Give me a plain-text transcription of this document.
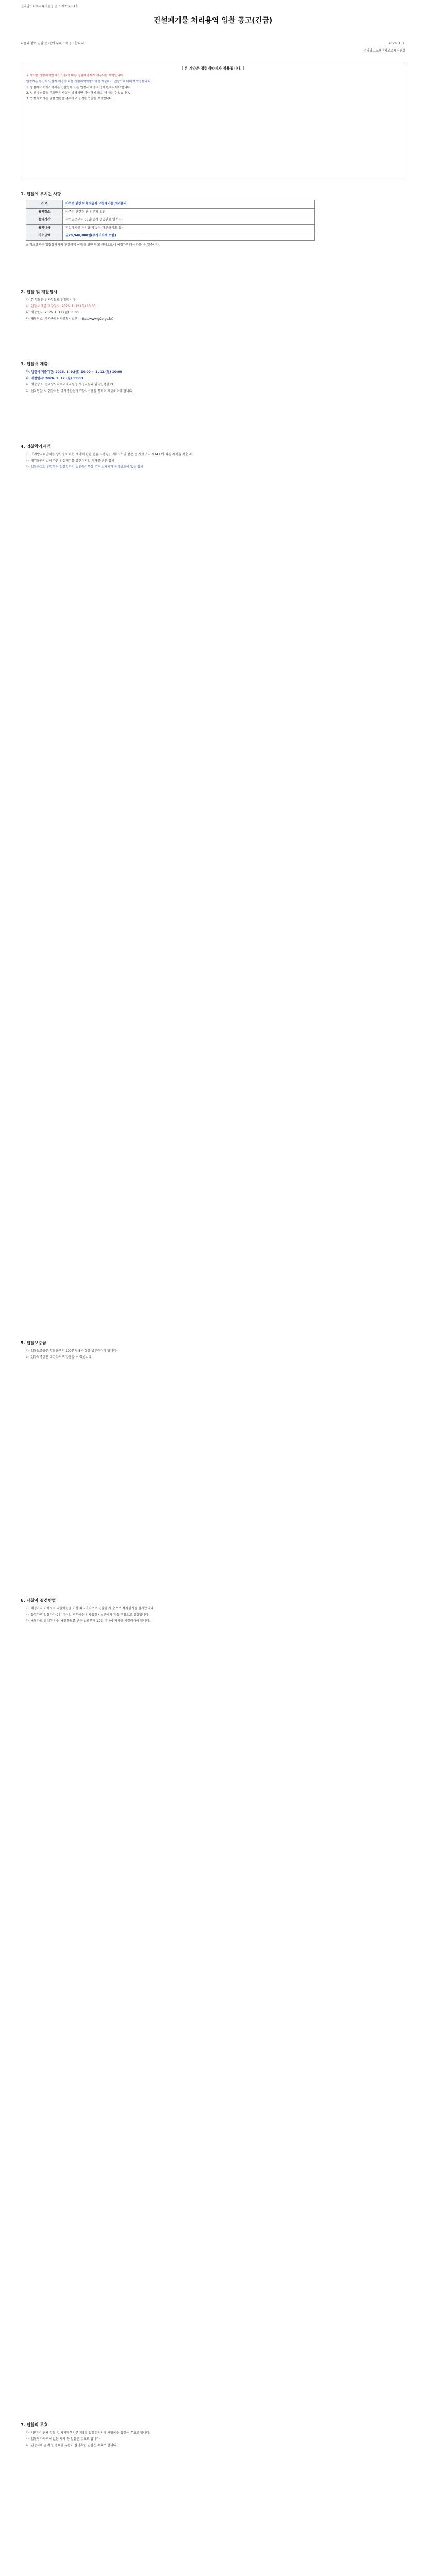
전라남도나주교육지원청 공고 제2026-1호
건설폐기물 처리용역 입찰 공고(긴급)
다음과 같이 입찰(전)문에 부치고자 공고합니다.	2026. 1. 7.
전라남도교육청학교교육지원청
[ 본 계약은 청렴계약제가 적용됩니다. ]

※ 계약은 지방계약법 제6조의2에 따른 청렴계약제가 적용되는 계약입니다.

입찰자는 본인이 입찰자 예정가 따른 청렴계약이행서약을 제출하고 입찰서에 대하여 약정합니다.

1. 청렴계약 이행서약서는 입찰등록 또는 입찰시 해당 서명이 완료되어야 합니다.

2. 입찰시 뇌물을 주고받은 사실이 밝혀지면 계약 해제 또는 해지할 수 있습니다.

3. 입찰 참여자는 관련 법령을 준수하고 공정한 입찰을 보장합니다.

1. 입찰에 부치는 사항
건 명	나주정 관련된 협력공사 건설폐기물 처리용역
용역장소	나주정 관련된 관내 부지 일원
용역기간	착수일로부터 60일(공사 준공완료 일까지)
용역내용	건설폐기물 처리량 약 1식 (폐콘크리트 등)
기초금액	금29,940,000원(부가가치세 포함)

※ 기초금액은 입찰참가자의 투찰금액 산정을 위한 참고 금액으로서 예정가격과는 다를 수 있습니다.

2. 입찰 및 개찰일시

가. 본 입찰은 전자입찰로 진행합니다.

나. 입찰서 제출 마감일시: 2026. 1. 12.(월) 10:00

다. 개찰일시: 2026. 1. 12.(월) 11:00

라. 개찰장소: 국가종합전자조달시스템 (http://www.g2b.go.kr)

3. 입찰서 제출

가. 입찰서 제출기간: 2026. 1. 9.(금) 10:00 ~ 1. 12.(월) 10:00

나. 개찰일시: 2026. 1. 12.(월) 11:00

다. 개찰장소: 전라남도나주교육지원청 재정지원과 입찰집행관 PC

라. 전자입찰 시 입찰서는 국가종합전자조달시스템을 통하여 제출하여야 합니다.

4. 입찰참가자격

가. 「지방자치단체를 당사자로 하는 계약에 관한 법률 시행령」 제13조 및 같은 법 시행규칙 제14조에 따른 자격을 갖춘 자

나. 폐기물관리법에 따른 건설폐기물 중간처리업 허가를 받은 업체

다. 입찰공고일 전일부터 입찰일까지 법인등기부상 본점 소재지가 전라남도에 있는 업체

5. 입찰보증금

가. 입찰보증금은 입찰금액의 100분의 5 이상을 납부하여야 합니다.

나. 입찰보증금은 지급각서로 갈음할 수 있습니다.

6. 낙찰자 결정방법

가. 예정가격 이하로서 낙찰하한율 이상 최저가격으로 입찰한 자 순으로 적격심사를 실시합니다.

나. 동일가격 입찰자가 2인 이상일 경우에는 전자입찰시스템에서 자동 추첨으로 결정합니다.

다. 낙찰자로 결정된 자는 낙찰통보를 받은 날로부터 10일 이내에 계약을 체결하여야 합니다.

7. 입찰의 무효

가. 지방자치단체 입찰 및 계약집행기준 제5장 입찰유의서에 해당하는 입찰은 무효로 합니다.

나. 입찰참가자격이 없는 자가 한 입찰은 무효로 합니다.

다. 입찰서의 금액 등 중요한 부분이 불명확한 입찰은 무효로 합니다.
